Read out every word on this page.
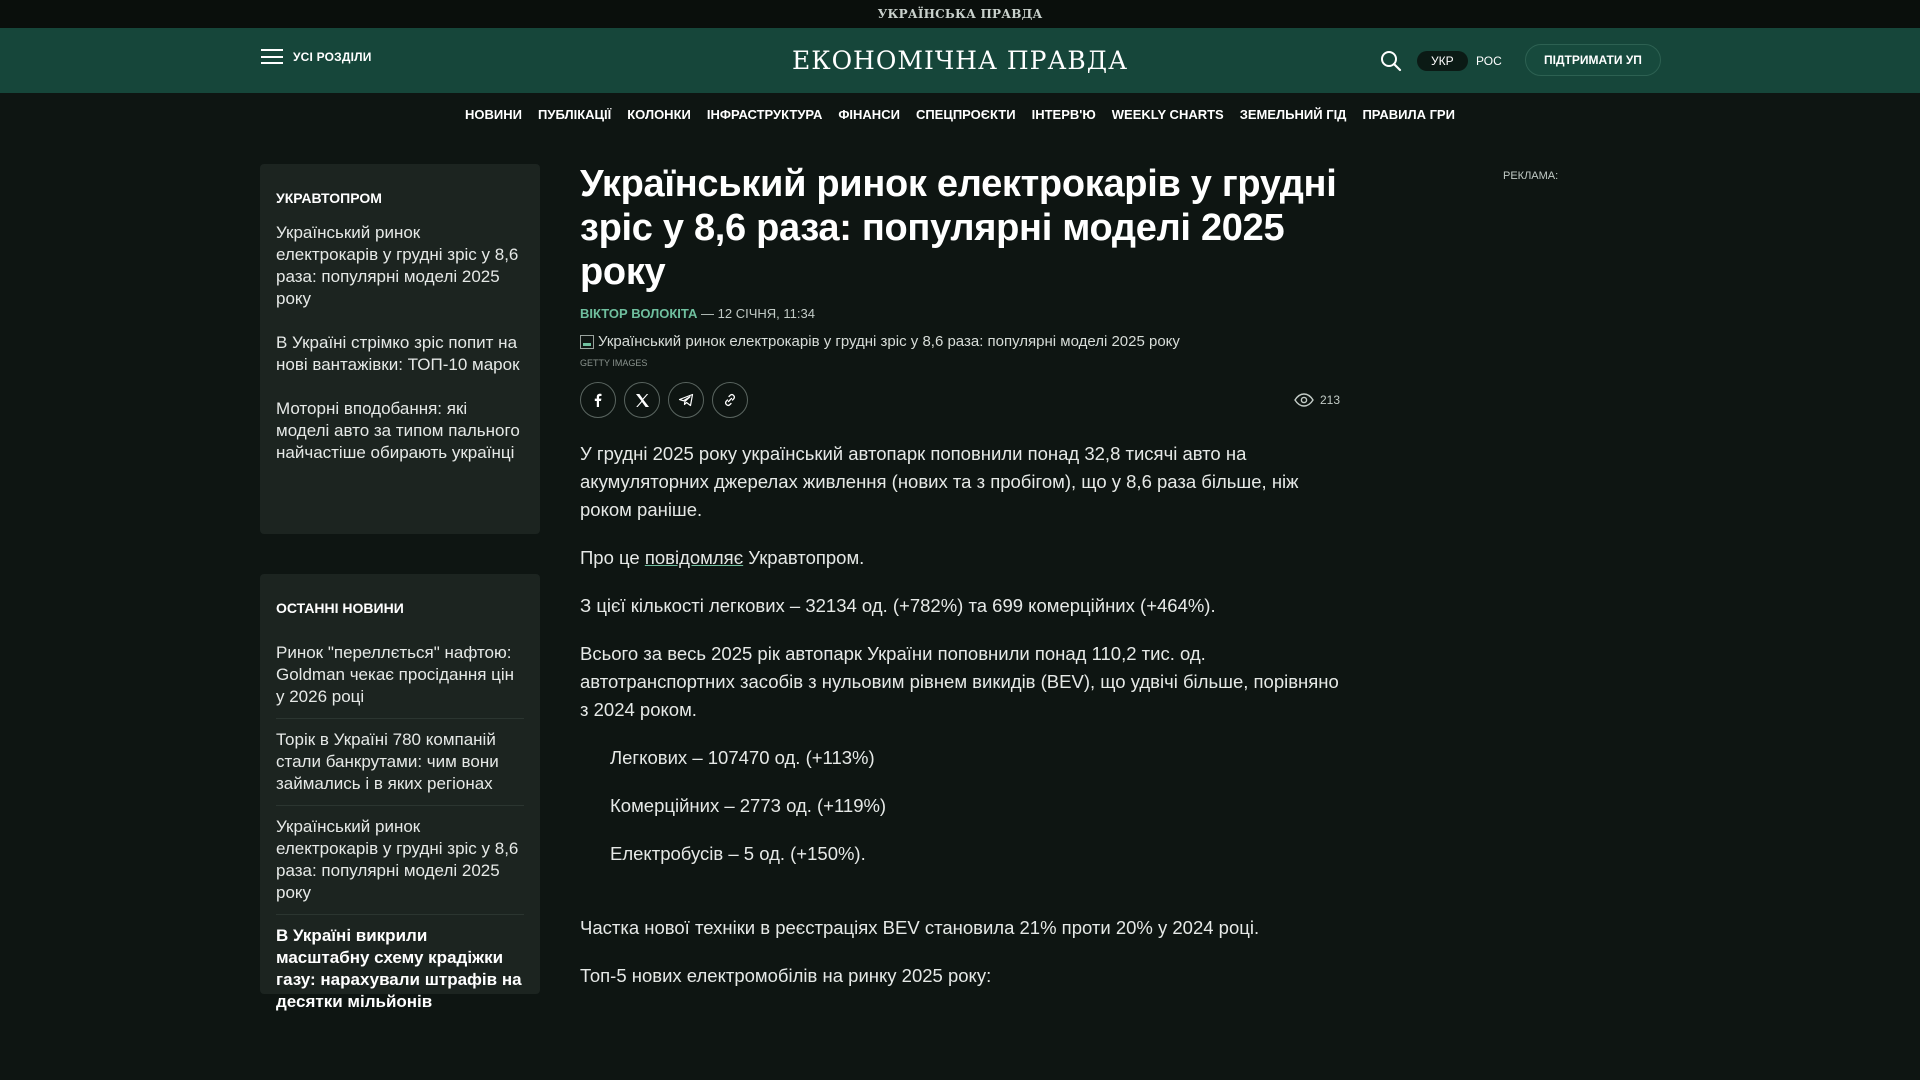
УКРАЇНСЬКА ПРАВДА
УСІ РОЗДІЛИ	ЕКОНОМІЧНА ПРАВДА	УКР	РОС	ПІДТРИМАТИ УП
НОВИНИ ПУБЛІКАЦІЇ КОЛОНКИ ІНФРАСТРУКТУРА ФІНАНСИ СПЕЦПРОЄКТИ ІНТЕРВ'Ю WEEKLY CHARTS ЗЕМЕЛЬНИЙ ГІД ПРАВИЛА ГРИ
УКРАВТОПРОМ
Український ринок електрокарів у грудні зріс у 8,6 раза: популярні моделі 2025 року
В Україні стрімко зріс попит на нові вантажівки: ТОП-10 марок
Моторні вподобання: які моделі авто за типом пального найчастіше обирають українці
ОСТАННІ НОВИНИ
Ринок "переллється" нафтою: Goldman чекає просідання цін у 2026 році
Торік в Україні 780 компаній стали банкрутами: чим вони займались і в яких регіонах
Український ринок електрокарів у грудні зріс у 8,6 раза: популярні моделі 2025 року
В Україні викрили масштабну схему крадіжки газу: нарахували штрафів на десятки мільйонів
Український ринок електрокарів у грудні зріс у 8,6 раза: популярні моделі 2025 року
ВІКТОР ВОЛОКІТА — 12 СІЧНЯ, 11:34
Український ринок електрокарів у грудні зріс у 8,6 раза: популярні моделі 2025 року
GETTY IMAGES
213

У грудні 2025 року український автопарк поповнили понад 32,8 тисячі авто на акумуляторних джерелах живлення (нових та з пробігом), що у 8,6 раза більше, ніж роком раніше.

Про це повідомляє Укравтопром.

З цієї кількості легкових – 32134 од. (+782%) та 699 комерційних (+464%).

Всього за весь 2025 рік автопарк України поповнили понад 110,2 тис. од. автотранспортних засобів з нульовим рівнем викидів (BEV), що удвічі більше, порівняно з 2024 роком.

Легкових – 107470 од. (+113%)

Комерційних – 2773 од. (+119%)

Електробусів – 5 од. (+150%).

Частка нової техніки в реєстраціях BEV становила 21% проти 20% у 2024 році.

Топ-5 нових електромобілів на ринку 2025 року:

РЕКЛАМА:
